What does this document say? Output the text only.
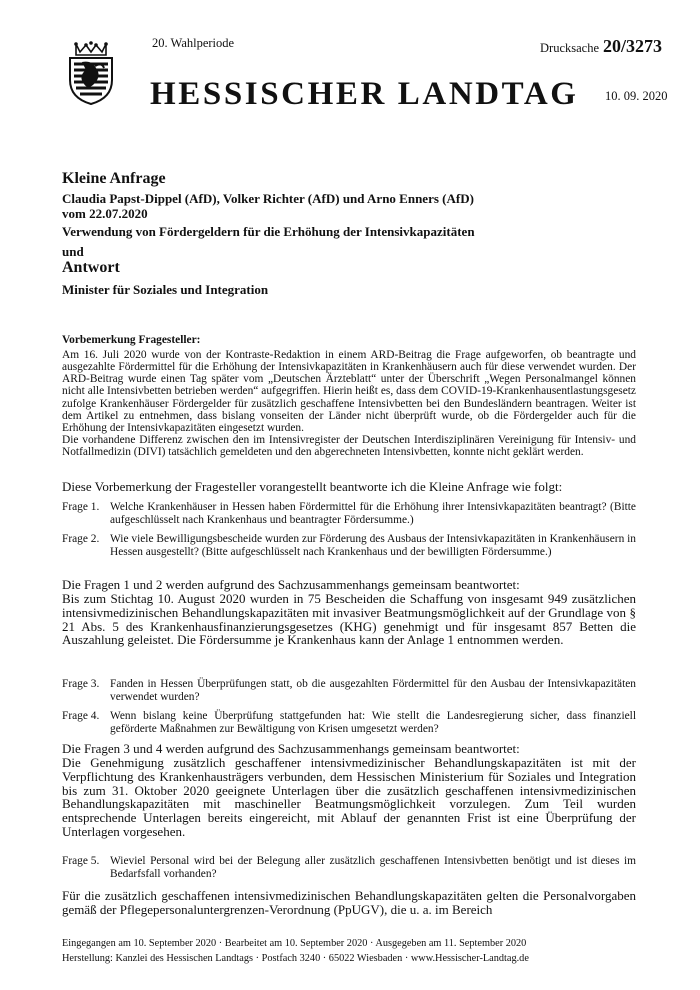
20. Wahlperiode	Drucksache 20/3273
HESSISCHER LANDTAG 10. 09. 2020
Kleine Anfrage
Claudia Papst-Dippel (AfD), Volker Richter (AfD) und Arno Enners (AfD)
vom 22.07.2020
Verwendung von Fördergeldern für die Erhöhung der Intensivkapazitäten
und
Antwort
Minister für Soziales und Integration
Vorbemerkung Fragesteller:
Am 16. Juli 2020 wurde von der Kontraste-Redaktion in einem ARD-Beitrag die Frage aufgeworfen, ob beantragte und ausgezahlte Fördermittel für die Erhöhung der Intensivkapazitäten in Krankenhäusern auch für diese verwendet wurden. Der ARD-Beitrag wurde einen Tag später vom „Deutschen Ärzteblatt“ unter der Überschrift „Wegen Personalmangel können nicht alle Intensivbetten betrieben werden“ aufgegriffen. Hierin heißt es, dass dem COVID-19-Krankenhausentlastungsgesetz zufolge Krankenhäuser Fördergelder für zusätzlich geschaffene Intensivbetten bei den Bundesländern beantragen. Weiter ist dem Artikel zu entnehmen, dass bislang vonseiten der Länder nicht überprüft wurde, ob die Fördergelder auch für die Erhöhung der Intensivkapazitäten eingesetzt wurden.
Die vorhandene Differenz zwischen den im Intensivregister der Deutschen Interdisziplinären Vereinigung für Intensiv- und Notfallmedizin (DIVI) tatsächlich gemeldeten und den abgerechneten Intensivbetten, konnte nicht geklärt werden.
Diese Vorbemerkung der Fragesteller vorangestellt beantworte ich die Kleine Anfrage wie folgt:
Frage 1. Welche Krankenhäuser in Hessen haben Fördermittel für die Erhöhung ihrer Intensivkapazitäten beantragt? (Bitte aufgeschlüsselt nach Krankenhaus und beantragter Fördersumme.)
Frage 2. Wie viele Bewilligungsbescheide wurden zur Förderung des Ausbaus der Intensivkapazitäten in Krankenhäusern in Hessen ausgestellt? (Bitte aufgeschlüsselt nach Krankenhaus und der bewilligten Fördersumme.)
Die Fragen 1 und 2 werden aufgrund des Sachzusammenhangs gemeinsam beantwortet:
Bis zum Stichtag 10. August 2020 wurden in 75 Bescheiden die Schaffung von insgesamt 949 zusätzlichen intensivmedizinischen Behandlungskapazitäten mit invasiver Beatmungsmöglichkeit auf der Grundlage von § 21 Abs. 5 des Krankenhausfinanzierungsgesetzes (KHG) genehmigt und für insgesamt 857 Betten die Auszahlung geleistet. Die Fördersumme je Krankenhaus kann der Anlage 1 entnommen werden.
Frage 3. Fanden in Hessen Überprüfungen statt, ob die ausgezahlten Fördermittel für den Ausbau der Intensivkapazitäten verwendet wurden?
Frage 4. Wenn bislang keine Überprüfung stattgefunden hat: Wie stellt die Landesregierung sicher, dass finanziell geförderte Maßnahmen zur Bewältigung von Krisen umgesetzt werden?
Die Fragen 3 und 4 werden aufgrund des Sachzusammenhangs gemeinsam beantwortet:
Die Genehmigung zusätzlich geschaffener intensivmedizinischer Behandlungskapazitäten ist mit der Verpflichtung des Krankenhausträgers verbunden, dem Hessischen Ministerium für Soziales und Integration bis zum 31. Oktober 2020 geeignete Unterlagen über die zusätzlich geschaffenen intensivmedizinischen Behandlungskapazitäten mit maschineller Beatmungsmöglichkeit vorzulegen. Zum Teil wurden entsprechende Unterlagen bereits eingereicht, mit Ablauf der genannten Frist ist eine Überprüfung der Unterlagen vorgesehen.
Frage 5. Wieviel Personal wird bei der Belegung aller zusätzlich geschaffenen Intensivbetten benötigt und ist dieses im Bedarfsfall vorhanden?
Für die zusätzlich geschaffenen intensivmedizinischen Behandlungskapazitäten gelten die Personalvorgaben gemäß der Pflegepersonaluntergrenzen-Verordnung (PpUGV), die u. a. im Bereich
Eingegangen am 10. September 2020 · Bearbeitet am 10. September 2020 · Ausgegeben am 11. September 2020
Herstellung: Kanzlei des Hessischen Landtags · Postfach 3240 · 65022 Wiesbaden · www.Hessischer-Landtag.de
